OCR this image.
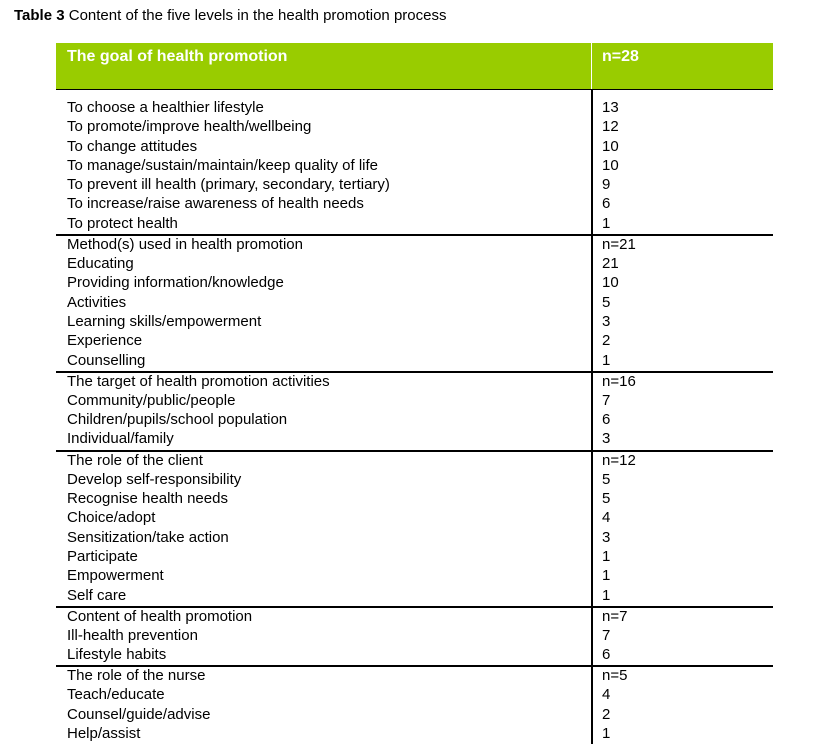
Table 3 Content of the five levels in the health promotion process
The goal of health promotion	n=28
To choose a healthier lifestyle	13
To promote/improve health/wellbeing	12
To change attitudes	10
To manage/sustain/maintain/keep quality of life	10
To prevent ill health (primary, secondary, tertiary)	9
To increase/raise awareness of health needs	6
To protect health	1
Method(s) used in health promotion	n=21
Educating	21
Providing information/knowledge	10
Activities	5
Learning skills/empowerment	3
Experience	2
Counselling	1
The target of health promotion activities	n=16
Community/public/people	7
Children/pupils/school population	6
Individual/family	3
The role of the client	n=12
Develop self-responsibility	5
Recognise health needs	5
Choice/adopt	4
Sensitization/take action	3
Participate	1
Empowerment	1
Self care	1
Content of health promotion	n=7
Ill-health prevention	7
Lifestyle habits	6
The role of the nurse	n=5
Teach/educate	4
Counsel/guide/advise	2
Help/assist	1
